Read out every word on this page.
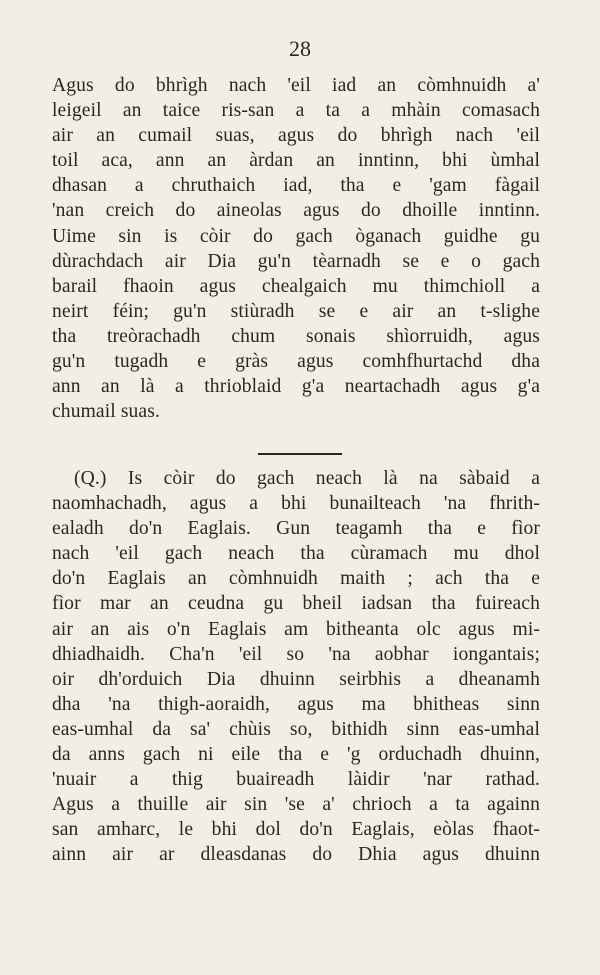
28
Agus do bhrìgh nach 'eil iad an còmhnuidh a'
leigeil an taice ris-san a ta a mhàin comasach
air an cumail suas, agus do bhrìgh nach 'eil
toil aca, ann an àrdan an inntinn, bhi ùmhal
dhasan a chruthaich iad, tha e 'gam fàgail
'nan creich do aineolas agus do dhoille inntinn.
Uime sin is còir do gach òganach guidhe gu
dùrachdach air Dia gu'n tèarnadh se e o gach
barail fhaoin agus chealgaich mu thimchioll a
neirt féin; gu'n stiùradh se e air an t-slighe
tha treòrachadh chum sonais shìorruidh, agus
gu'n tugadh e gràs agus comhfhurtachd dha
ann an là a thrioblaid g'a neartachadh agus g'a
chumail suas.
(Q.) Is còir do gach neach là na sàbaid a
naomhachadh, agus a bhi bunailteach 'na fhrith-
ealadh do'n Eaglais. Gun teagamh tha e fìor
nach 'eil gach neach tha cùramach mu dhol
do'n Eaglais an còmhnuidh maith ; ach tha e
fìor mar an ceudna gu bheil iadsan tha fuireach
air an ais o'n Eaglais am bitheanta olc agus mi-
dhiadhaidh. Cha'n 'eil so 'na aobhar iongantais;
oir dh'orduich Dia dhuinn seirbhis a dheanamh
dha 'na thigh-aoraidh, agus ma bhitheas sinn
eas-umhal da sa' chùis so, bithidh sinn eas-umhal
da anns gach ni eile tha e 'g orduchadh dhuinn,
'nuair a thig buaireadh làidir 'nar rathad.
Agus a thuille air sin 'se a' chrioch a ta againn
san amharc, le bhi dol do'n Eaglais, eòlas fhaot-
ainn air ar dleasdanas do Dhia agus dhuinn
